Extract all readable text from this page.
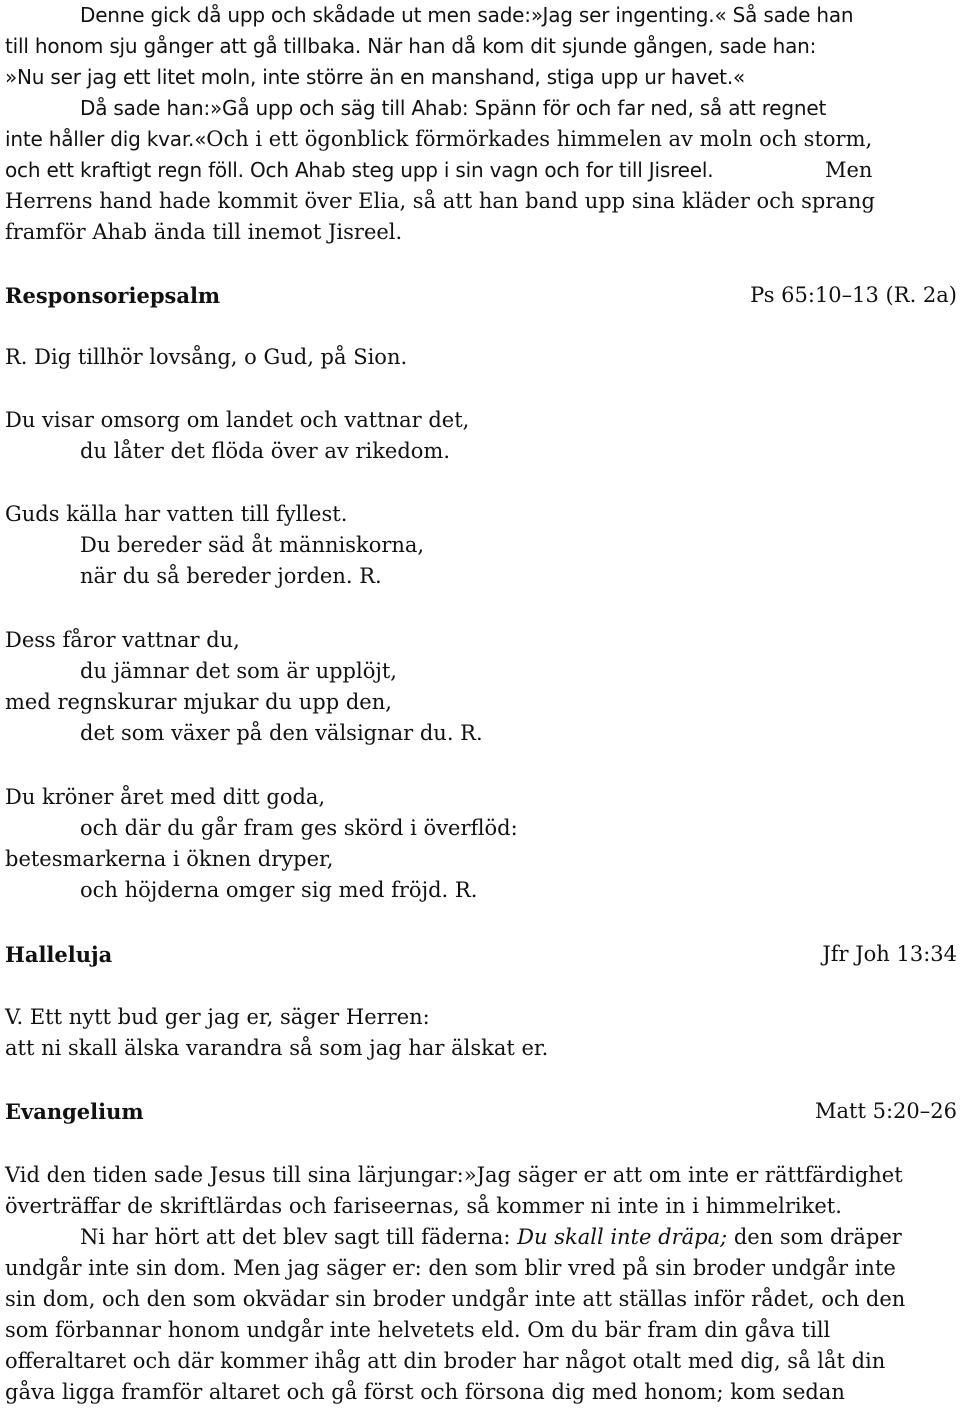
Denne gick då upp och skådade ut men sade:»Jag ser ingenting.« Så sade han
till honom sju gånger att gå tillbaka. När han då kom dit sjunde gången, sade han:
»Nu ser jag ett litet moln, inte större än en manshand, stiga upp ur havet.«
Då sade han:»Gå upp och säg till Ahab: Spänn för och far ned, så att regnet
inte håller dig kvar.«Och i ett ögonblick förmörkades himmelen av moln och storm,
och ett kraftigt regn föll. Och Ahab steg upp i sin vagn och for till Jisreel.	Men
Herrens hand hade kommit över Elia, så att han band upp sina kläder och sprang
framför Ahab ända till inemot Jisreel.
Responsoriepsalm	Ps 65:10–13 (R. 2a)
R. Dig tillhör lovsång, o Gud, på Sion.
Du visar omsorg om landet och vattnar det,
du låter det flöda över av rikedom.
Guds källa har vatten till fyllest.
Du bereder säd åt människorna,
när du så bereder jorden. R.
Dess fåror vattnar du,
du jämnar det som är upplöjt,
med regnskurar mjukar du upp den,
det som växer på den välsignar du. R.
Du kröner året med ditt goda,
och där du går fram ges skörd i överflöd:
betesmarkerna i öknen dryper,
och höjderna omger sig med fröjd. R.
Halleluja	Jfr Joh 13:34
V. Ett nytt bud ger jag er, säger Herren:
att ni skall älska varandra så som jag har älskat er.
Evangelium	Matt 5:20–26
Vid den tiden sade Jesus till sina lärjungar:»Jag säger er att om inte er rättfärdighet
överträffar de skriftlärdas och fariseernas, så kommer ni inte in i himmelriket.
Ni har hört att det blev sagt till fäderna: Du skall inte dräpa; den som dräper
undgår inte sin dom. Men jag säger er: den som blir vred på sin broder undgår inte
sin dom, och den som okvädar sin broder undgår inte att ställas inför rådet, och den
som förbannar honom undgår inte helvetets eld. Om du bär fram din gåva till
offeraltaret och där kommer ihåg att din broder har något otalt med dig, så låt din
gåva ligga framför altaret och gå först och försona dig med honom; kom sedan
